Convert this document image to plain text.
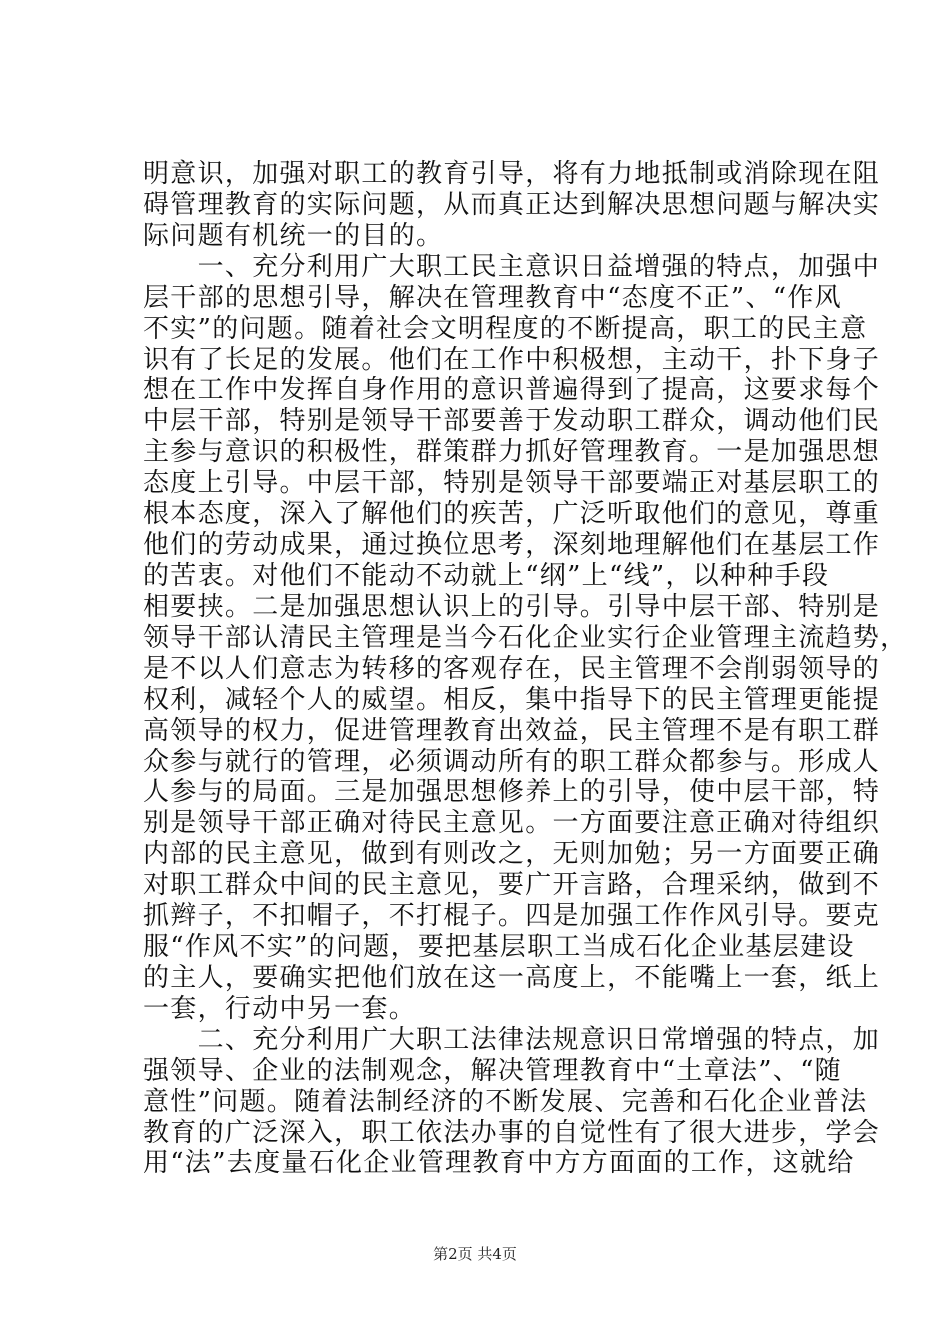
明意识，加强对职工的教育引导，将有力地抵制或消除现在阻
碍管理教育的实际问题，从而真正达到解决思想问题与解决实
际问题有机统一的目的。
　　一、充分利用广大职工民主意识日益增强的特点，加强中
层干部的思想引导，解决在管理教育中“态度不正”、“作风
不实”的问题。随着社会文明程度的不断提高，职工的民主意
识有了长足的发展。他们在工作中积极想，主动干，扑下身子
想在工作中发挥自身作用的意识普遍得到了提高，这要求每个
中层干部，特别是领导干部要善于发动职工群众，调动他们民
主参与意识的积极性，群策群力抓好管理教育。一是加强思想
态度上引导。中层干部，特别是领导干部要端正对基层职工的
根本态度，深入了解他们的疾苦，广泛听取他们的意见，尊重
他们的劳动成果，通过换位思考，深刻地理解他们在基层工作
的苦衷。对他们不能动不动就上“纲”上“线”，以种种手段
相要挟。二是加强思想认识上的引导。引导中层干部、特别是
领导干部认清民主管理是当今石化企业实行企业管理主流趋势，
是不以人们意志为转移的客观存在，民主管理不会削弱领导的
权利，减轻个人的威望。相反，集中指导下的民主管理更能提
高领导的权力，促进管理教育出效益，民主管理不是有职工群
众参与就行的管理，必须调动所有的职工群众都参与。形成人
人参与的局面。三是加强思想修养上的引导，使中层干部，特
别是领导干部正确对待民主意见。一方面要注意正确对待组织
内部的民主意见，做到有则改之，无则加勉；另一方面要正确
对职工群众中间的民主意见，要广开言路，合理采纳，做到不
抓辫子，不扣帽子，不打棍子。四是加强工作作风引导。要克
服“作风不实”的问题，要把基层职工当成石化企业基层建设
的主人，要确实把他们放在这一高度上，不能嘴上一套，纸上
一套，行动中另一套。
　　二、充分利用广大职工法律法规意识日常增强的特点，加
强领导、企业的法制观念，解决管理教育中“土章法”、“随
意性”问题。随着法制经济的不断发展、完善和石化企业普法
教育的广泛深入，职工依法办事的自觉性有了很大进步，学会
用“法”去度量石化企业管理教育中方方面面的工作，这就给
第2页 共4页
